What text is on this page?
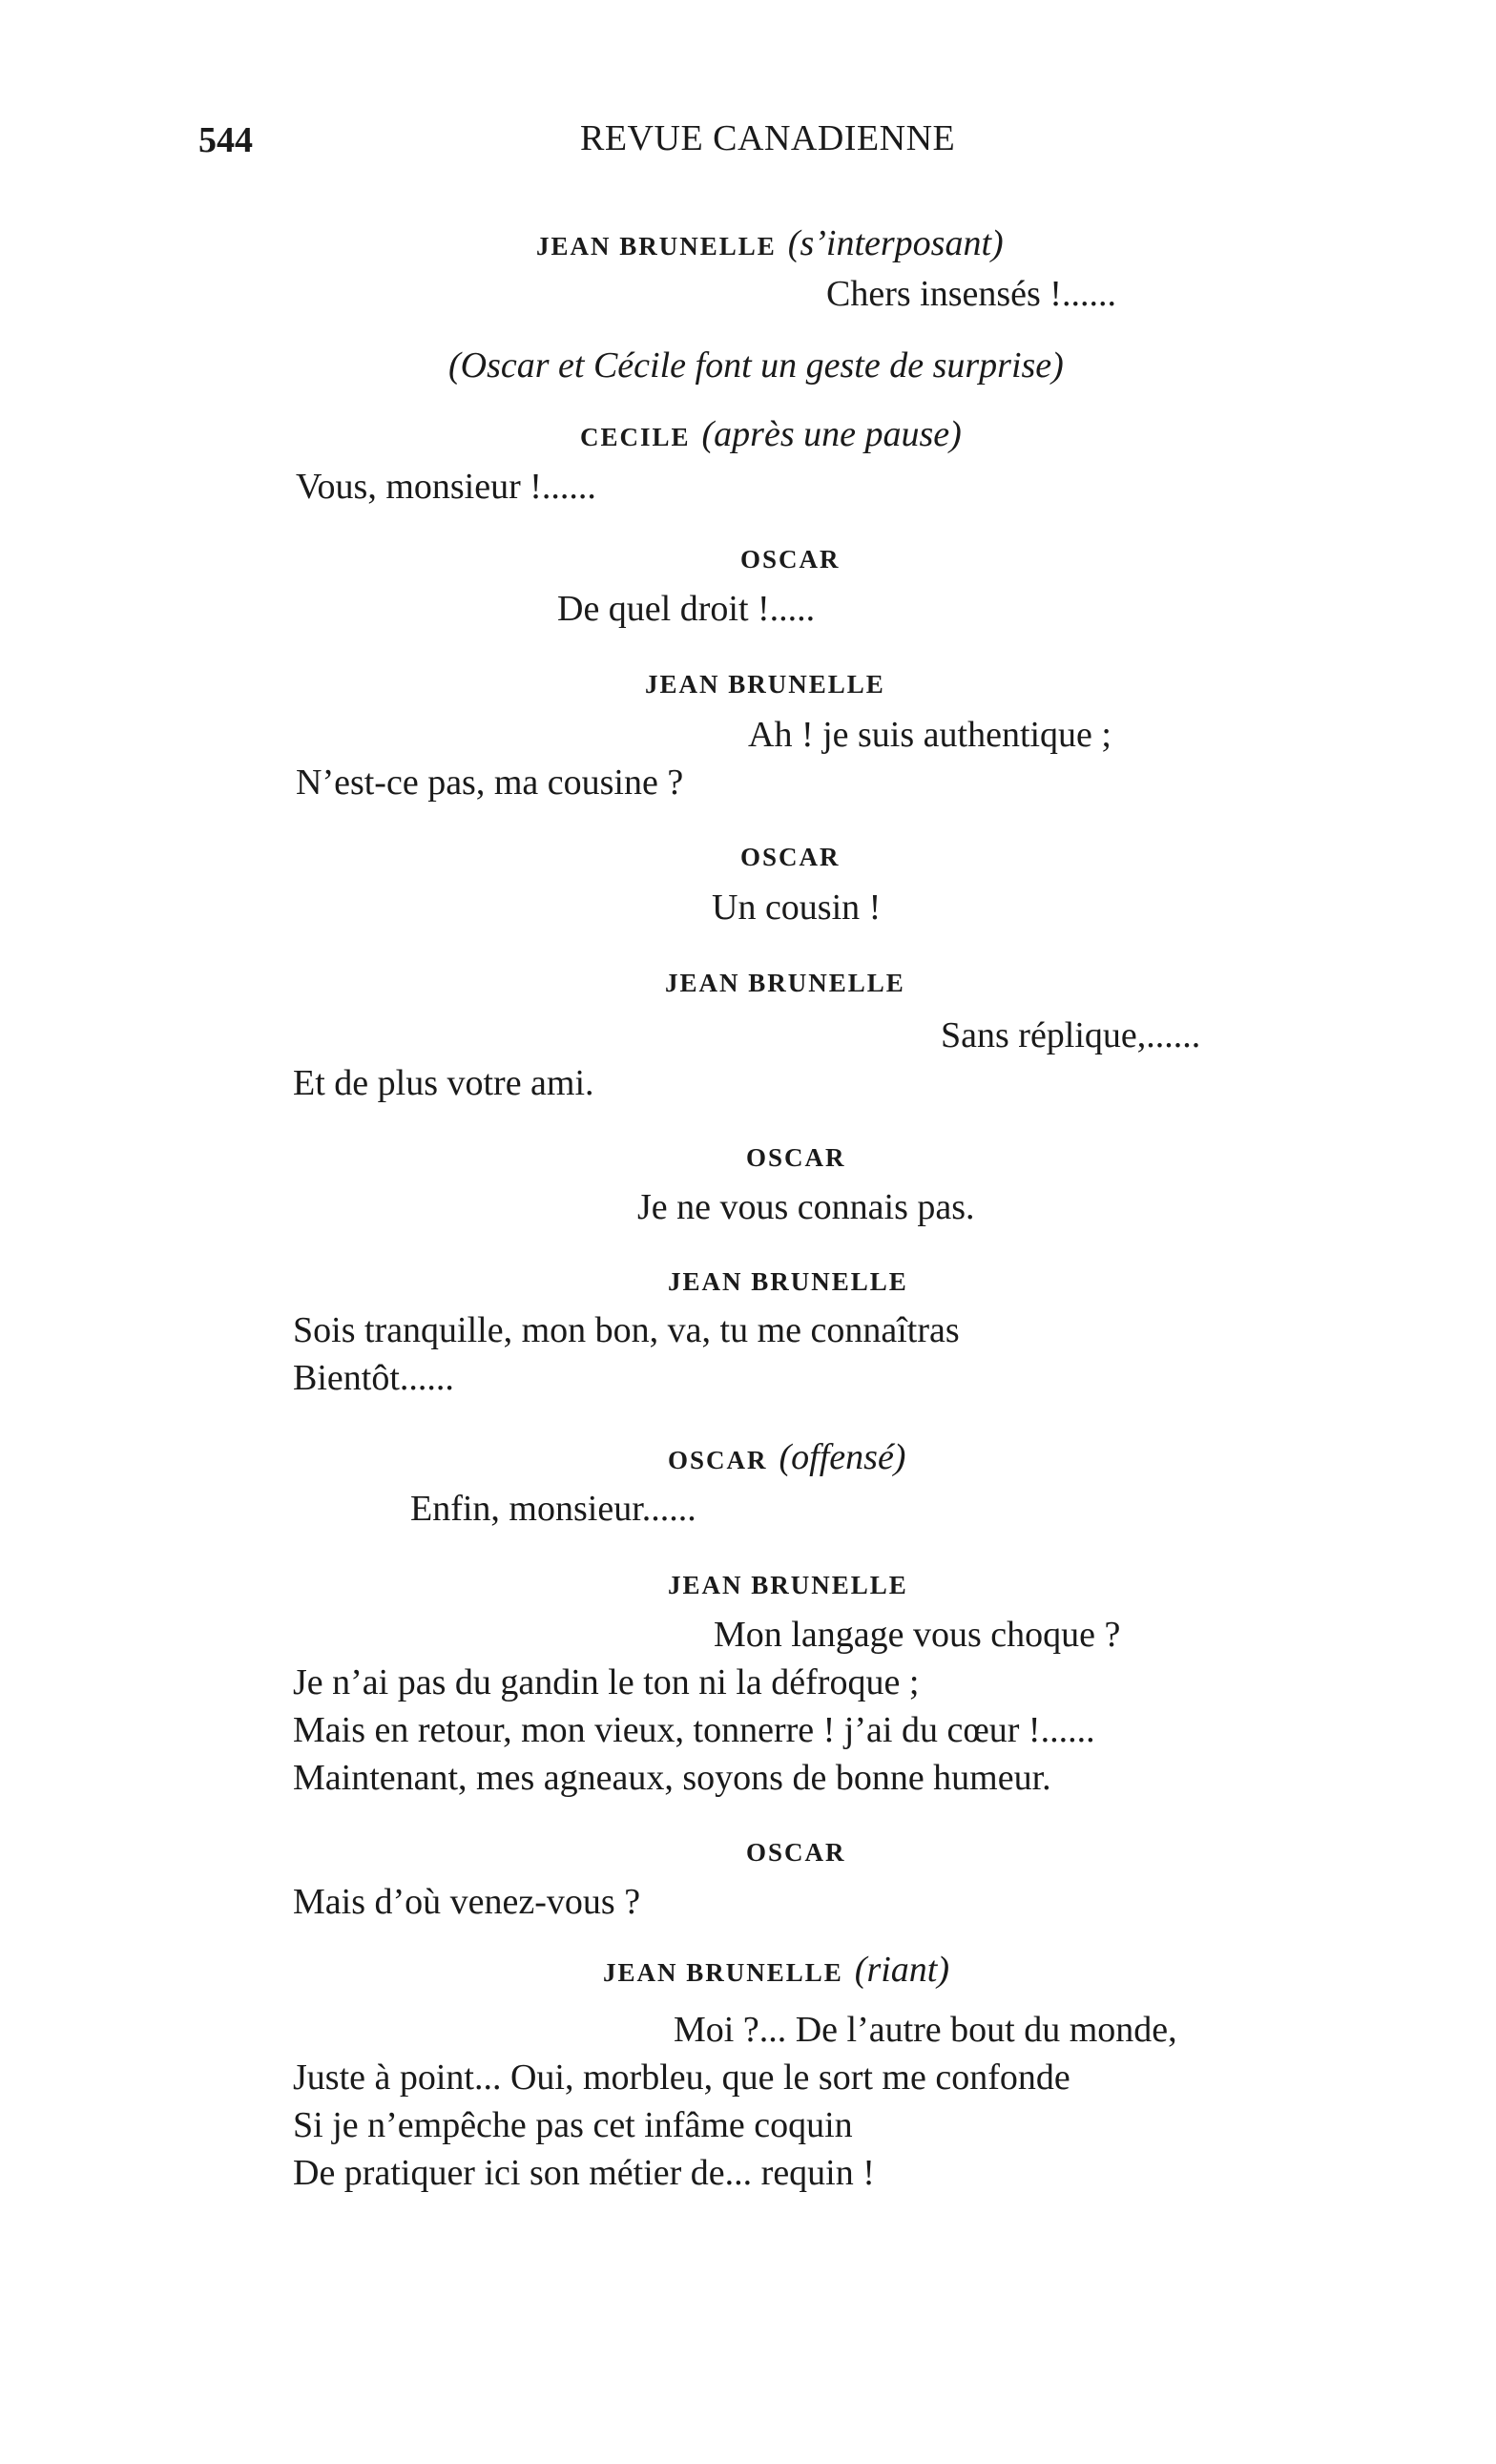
544	REVUE CANADIENNE
JEAN BRUNELLE (s’interposant)
Chers insensés !......
(Oscar et Cécile font un geste de surprise)
CECILE (après une pause)
Vous, monsieur !......
OSCAR
De quel droit !.....
JEAN BRUNELLE
Ah ! je suis authentique ;
N’est-ce pas, ma cousine ?
OSCAR
Un cousin !
JEAN BRUNELLE
Sans réplique,......
Et de plus votre ami.
OSCAR
Je ne vous connais pas.
JEAN BRUNELLE
Sois tranquille, mon bon, va, tu me connaîtras
Bientôt......
OSCAR (offensé)
Enfin, monsieur......
JEAN BRUNELLE
Mon langage vous choque ?
Je n’ai pas du gandin le ton ni la défroque ;
Mais en retour, mon vieux, tonnerre ! j’ai du cœur !......
Maintenant, mes agneaux, soyons de bonne humeur.
OSCAR
Mais d’où venez-vous ?
JEAN BRUNELLE (riant)
Moi ?... De l’autre bout du monde,
Juste à point... Oui, morbleu, que le sort me confonde
Si je n’empêche pas cet infâme coquin
De pratiquer ici son métier de... requin !
